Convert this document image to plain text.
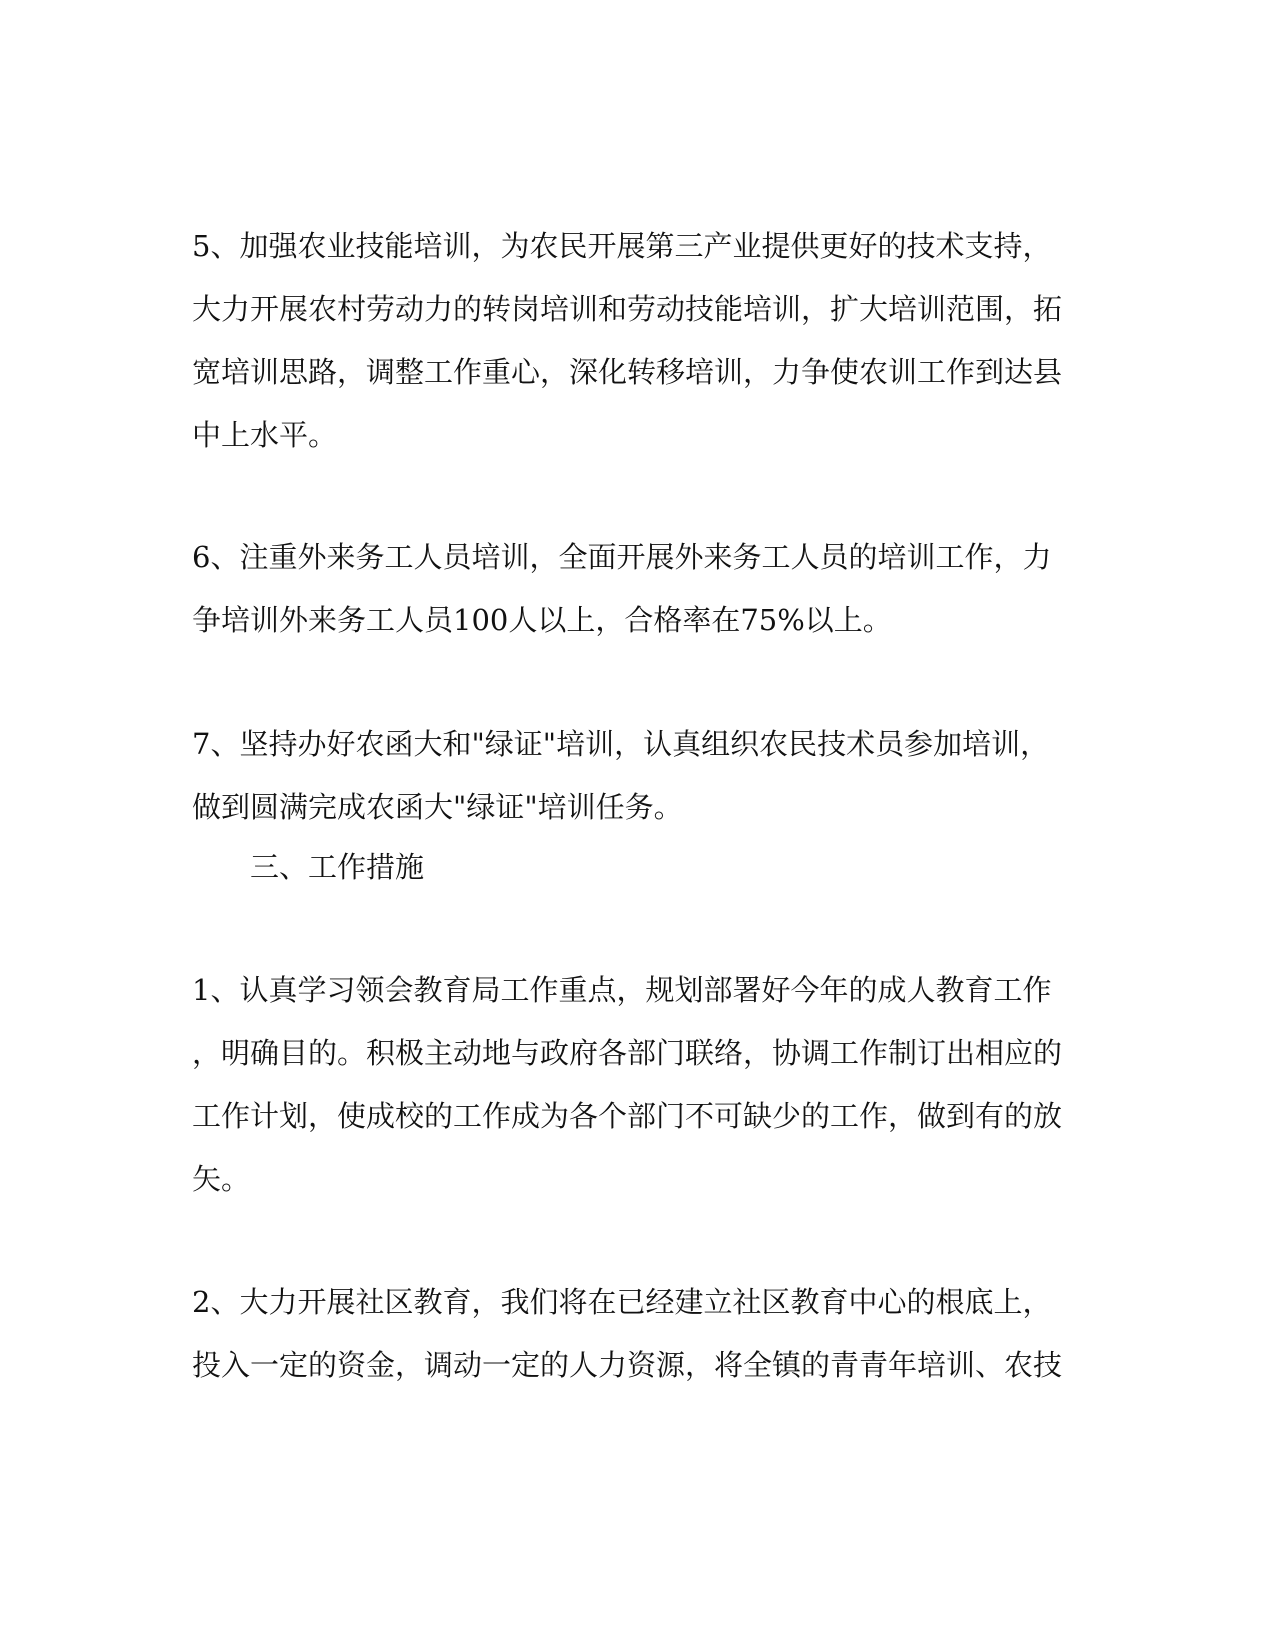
5、加强农业技能培训，为农民开展第三产业提供更好的技术支持，
大力开展农村劳动力的转岗培训和劳动技能培训，扩大培训范围，拓
宽培训思路，调整工作重心，深化转移培训，力争使农训工作到达县
中上水平。
6、注重外来务工人员培训，全面开展外来务工人员的培训工作，力
争培训外来务工人员100人以上，合格率在75%以上。
7、坚持办好农函大和"绿证"培训，认真组织农民技术员参加培训，
做到圆满完成农函大"绿证"培训任务。
三、工作措施
1、认真学习领会教育局工作重点，规划部署好今年的成人教育工作
，明确目的。积极主动地与政府各部门联络，协调工作制订出相应的
工作计划，使成校的工作成为各个部门不可缺少的工作，做到有的放
矢。
2、大力开展社区教育，我们将在已经建立社区教育中心的根底上，
投入一定的资金，调动一定的人力资源，将全镇的青青年培训、农技
